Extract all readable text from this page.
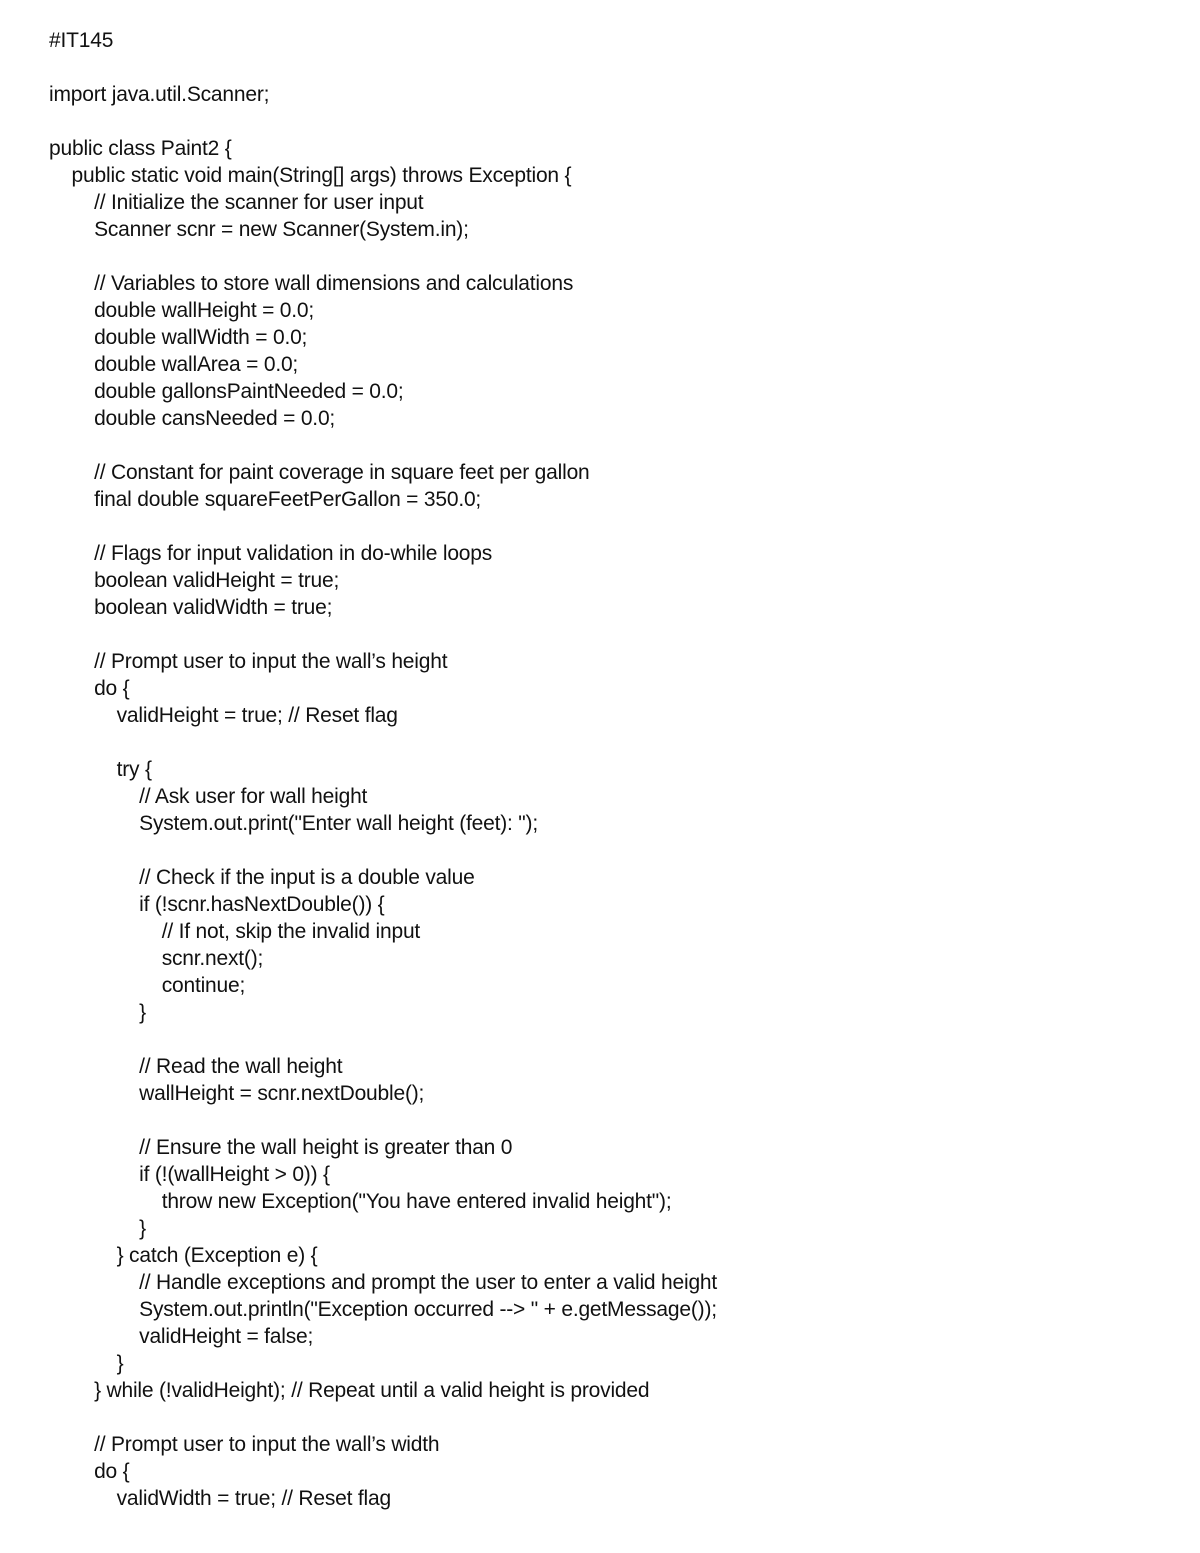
#IT145
import java.util.Scanner;
public class Paint2 {
public static void main(String[] args) throws Exception {
// Initialize the scanner for user input
Scanner scnr = new Scanner(System.in);
// Variables to store wall dimensions and calculations
double wallHeight = 0.0;
double wallWidth = 0.0;
double wallArea = 0.0;
double gallonsPaintNeeded = 0.0;
double cansNeeded = 0.0;
// Constant for paint coverage in square feet per gallon
final double squareFeetPerGallon = 350.0;
// Flags for input validation in do-while loops
boolean validHeight = true;
boolean validWidth = true;
// Prompt user to input the wall’s height
do {
validHeight = true; // Reset flag
try {
// Ask user for wall height
System.out.print("Enter wall height (feet): ");
// Check if the input is a double value
if (!scnr.hasNextDouble()) {
// If not, skip the invalid input
scnr.next();
continue;
}
// Read the wall height
wallHeight = scnr.nextDouble();
// Ensure the wall height is greater than 0
if (!(wallHeight > 0)) {
throw new Exception("You have entered invalid height");
}
} catch (Exception e) {
// Handle exceptions and prompt the user to enter a valid height
System.out.println("Exception occurred --> " + e.getMessage());
validHeight = false;
}
} while (!validHeight); // Repeat until a valid height is provided
// Prompt user to input the wall’s width
do {
validWidth = true; // Reset flag
